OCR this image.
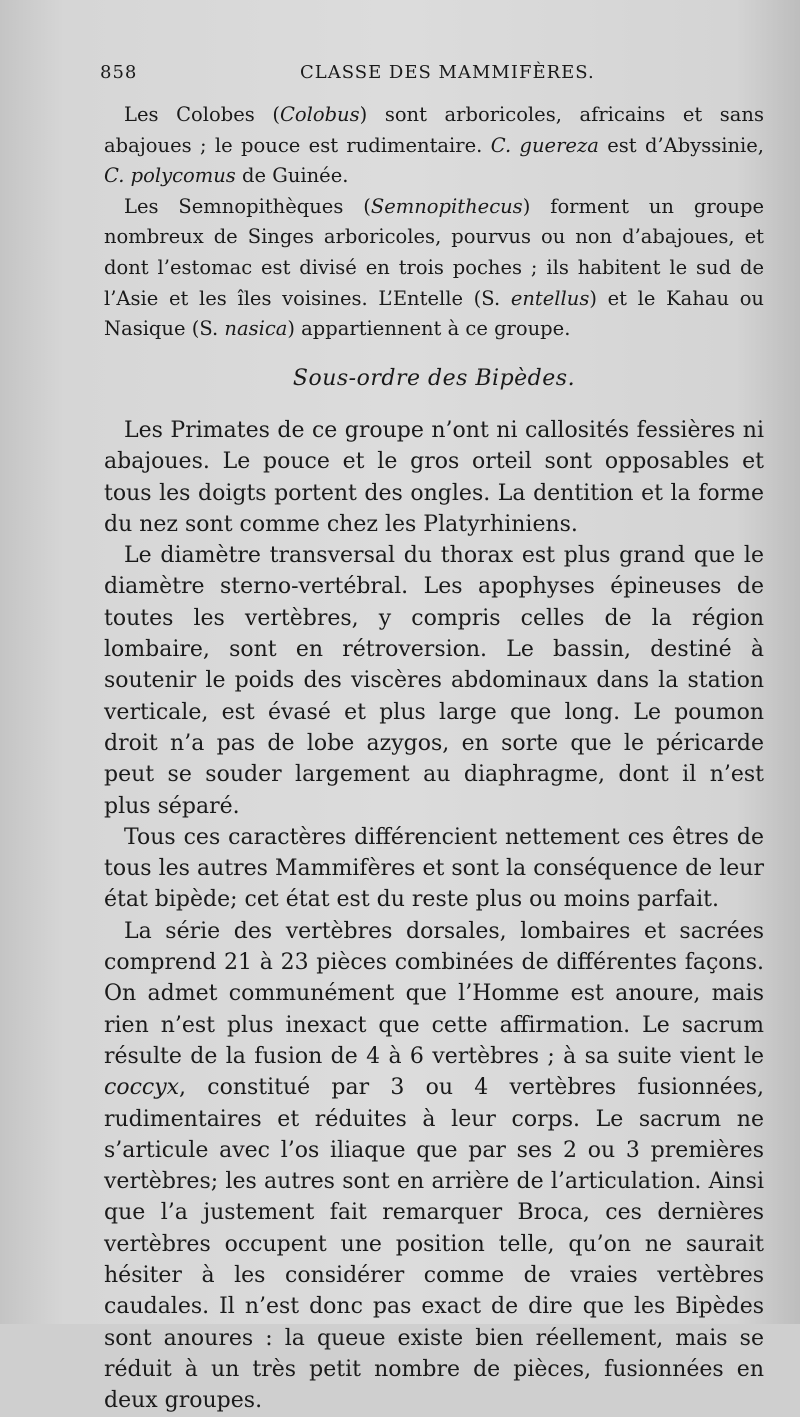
858	CLASSE DES MAMMIFÈRES.

Les Colobes (Colobus) sont arboricoles, africains et sans abajoues ; le pouce est rudimentaire. C. guereza est d’Abyssinie, C. polycomus de Guinée.

Les Semnopithèques (Semnopithecus) forment un groupe nombreux de Singes arboricoles, pourvus ou non d’abajoues, et dont l’estomac est divisé en trois poches ; ils habitent le sud de l’Asie et les îles voisines. L’Entelle (S. entellus) et le Kahau ou Nasique (S. nasica) appartiennent à ce groupe.

Sous-ordre des Bipèdes.

Les Primates de ce groupe n’ont ni callosités fessières ni abajoues. Le pouce et le gros orteil sont opposables et tous les doigts portent des ongles. La dentition et la forme du nez sont comme chez les Platyrhiniens.

Le diamètre transversal du thorax est plus grand que le diamètre sterno-vertébral. Les apophyses épineuses de toutes les vertèbres, y compris celles de la région lombaire, sont en rétroversion. Le bassin, destiné à soutenir le poids des viscères abdominaux dans la station verticale, est évasé et plus large que long. Le poumon droit n’a pas de lobe azygos, en sorte que le péricarde peut se souder largement au diaphragme, dont il n’est plus séparé.

Tous ces caractères différencient nettement ces êtres de tous les autres Mammifères et sont la conséquence de leur état bipède; cet état est du reste plus ou moins parfait.

La série des vertèbres dorsales, lombaires et sacrées comprend 21 à 23 pièces combinées de différentes façons. On admet communément que l’Homme est anoure, mais rien n’est plus inexact que cette affirmation. Le sacrum résulte de la fusion de 4 à 6 vertèbres ; à sa suite vient le coccyx, constitué par 3 ou 4 vertèbres fusionnées, rudimentaires et réduites à leur corps. Le sacrum ne s’articule avec l’os iliaque que par ses 2 ou 3 premières vertèbres; les autres sont en arrière de l’articulation. Ainsi que l’a justement fait remarquer Broca, ces dernières vertèbres occupent une position telle, qu’on ne saurait hésiter à les considérer comme de vraies vertèbres caudales. Il n’est donc pas exact de dire que les Bipèdes sont anoures : la queue existe bien réellement, mais se réduit à un très petit nombre de pièces, fusionnées en deux groupes.
